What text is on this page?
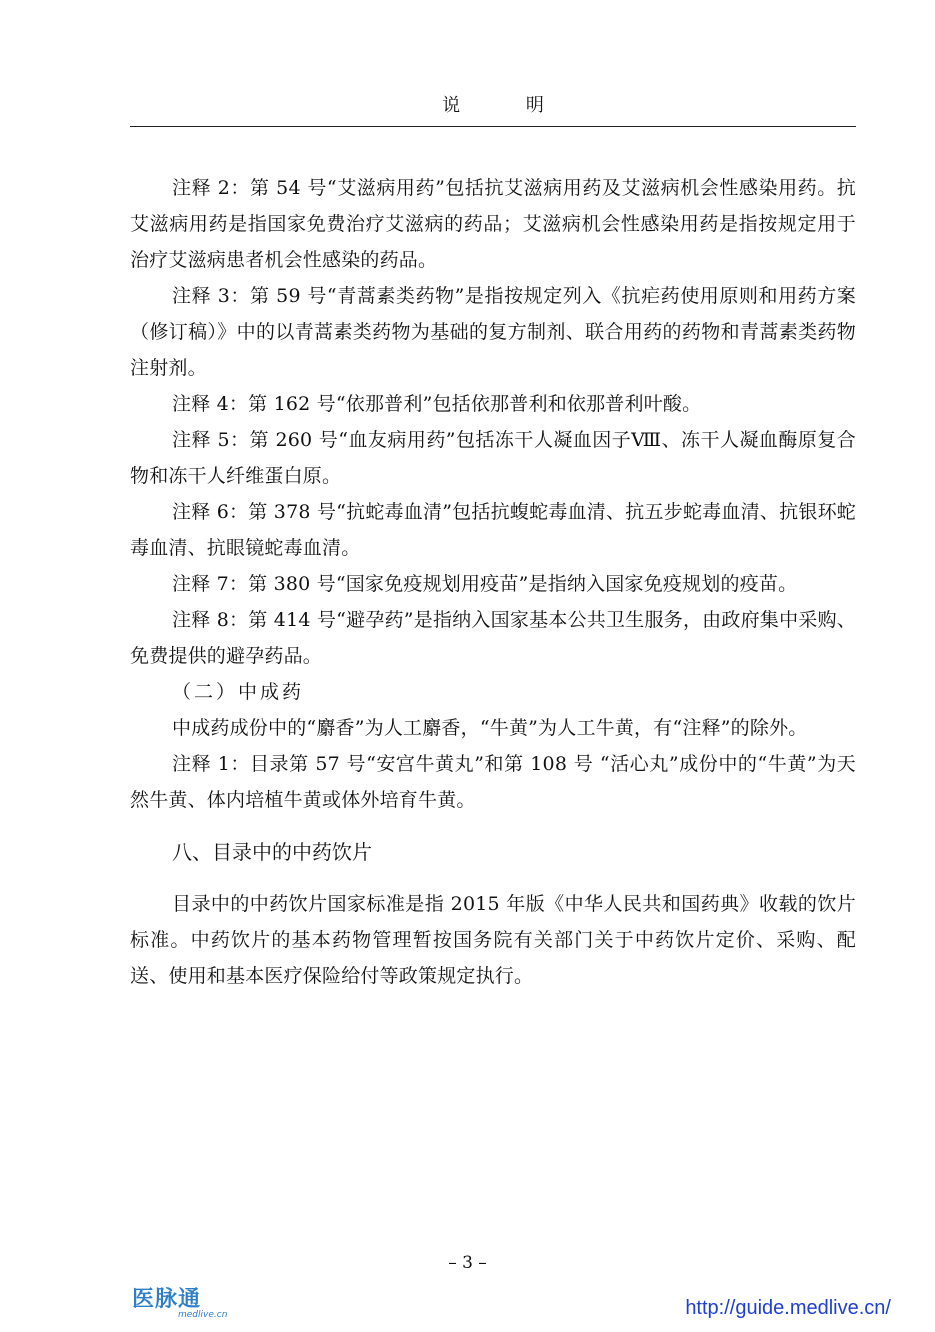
说 明

注释 2：第 54 号“艾滋病用药”包括抗艾滋病用药及艾滋病机会性感染用药。抗艾滋病用药是指国家免费治疗艾滋病的药品；艾滋病机会性感染用药是指按规定用于治疗艾滋病患者机会性感染的药品。

注释 3：第 59 号“青蒿素类药物”是指按规定列入《抗疟药使用原则和用药方案（修订稿）》中的以青蒿素类药物为基础的复方制剂、联合用药的药物和青蒿素类药物注射剂。

注释 4：第 162 号“依那普利”包括依那普利和依那普利叶酸。

注释 5：第 260 号“血友病用药”包括冻干人凝血因子Ⅷ、冻干人凝血酶原复合物和冻干人纤维蛋白原。

注释 6：第 378 号“抗蛇毒血清”包括抗蝮蛇毒血清、抗五步蛇毒血清、抗银环蛇毒血清、抗眼镜蛇毒血清。

注释 7：第 380 号“国家免疫规划用疫苗”是指纳入国家免疫规划的疫苗。

注释 8：第 414 号“避孕药”是指纳入国家基本公共卫生服务，由政府集中采购、免费提供的避孕药品。

（二）中成药

中成药成份中的“麝香”为人工麝香，“牛黄”为人工牛黄，有“注释”的除外。

注释 1：目录第 57 号“安宫牛黄丸”和第 108 号 “活心丸”成份中的“牛黄”为天然牛黄、体内培植牛黄或体外培育牛黄。

八、目录中的中药饮片

目录中的中药饮片国家标准是指 2015 年版《中华人民共和国药典》收载的饮片标准。中药饮片的基本药物管理暂按国务院有关部门关于中药饮片定价、采购、配送、使用和基本医疗保险给付等政策规定执行。

– 3 –
医脉通
medlive.cn	http://guide.medlive.cn/
